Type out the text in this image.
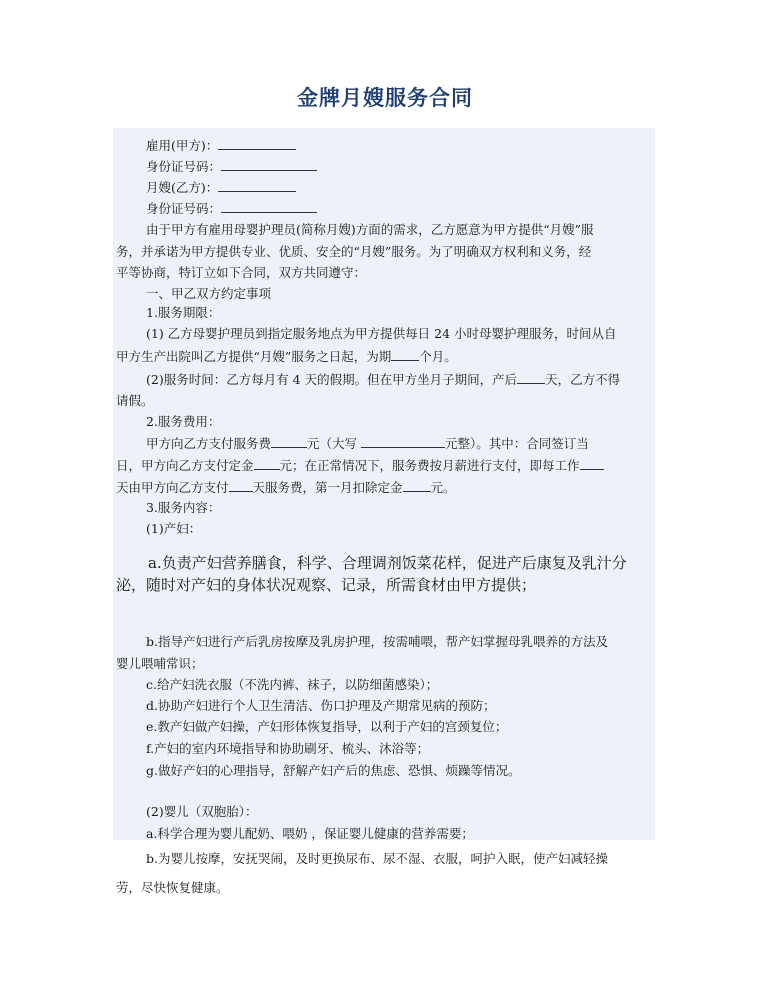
金牌月嫂服务合同
雇用(甲方)：
身份证号码：
月嫂(乙方)：
身份证号码：
由于甲方有雇用母婴护理员(简称月嫂)方面的需求，乙方愿意为甲方提供“月嫂”服
务，并承诺为甲方提供专业、优质、安全的“月嫂”服务。为了明确双方权利和义务，经
平等协商，特订立如下合同，双方共同遵守：
一、甲乙双方约定事项
1.服务期限：
(1) 乙方母婴护理员到指定服务地点为甲方提供每日 24 小时母婴护理服务，时间从自
甲方生产出院叫乙方提供“月嫂”服务之日起，为期 个月。
(2)服务时间：乙方每月有 4 天的假期。但在甲方坐月子期间，产后 天，乙方不得
请假。
2.服务费用：
甲方向乙方支付服务费	元（大写	元整）。其中：合同签订当
日，甲方向乙方支付定金 元；在正常情况下，服务费按月薪进行支付，即每工作
天由甲方向乙方支付 天服务费，第一月扣除定金 元。
3.服务内容：
(1)产妇：
a.负责产妇营养膳食，科学、合理调剂饭菜花样，促进产后康复及乳汁分
泌，随时对产妇的身体状况观察、记录，所需食材由甲方提供；
b.指导产妇进行产后乳房按摩及乳房护理，按需哺喂，帮产妇掌握母乳喂养的方法及
婴儿喂哺常识；
c.给产妇洗衣服（不洗内裤、袜子，以防细菌感染）；
d.协助产妇进行个人卫生清洁、伤口护理及产期常见病的预防；
e.教产妇做产妇操，产妇形体恢复指导，以利于产妇的宫颈复位；
f.产妇的室内环境指导和协助刷牙、梳头、沐浴等；
g.做好产妇的心理指导，舒解产妇产后的焦虑、恐惧、烦躁等情况。
(2)婴儿（双胞胎）：
a.科学合理为婴儿配奶、喂奶 ，保证婴儿健康的营养需要；
b.为婴儿按摩，安抚哭闹，及时更换尿布、尿不湿、衣服，呵护入眠，使产妇减轻操
劳，尽快恢复健康。
